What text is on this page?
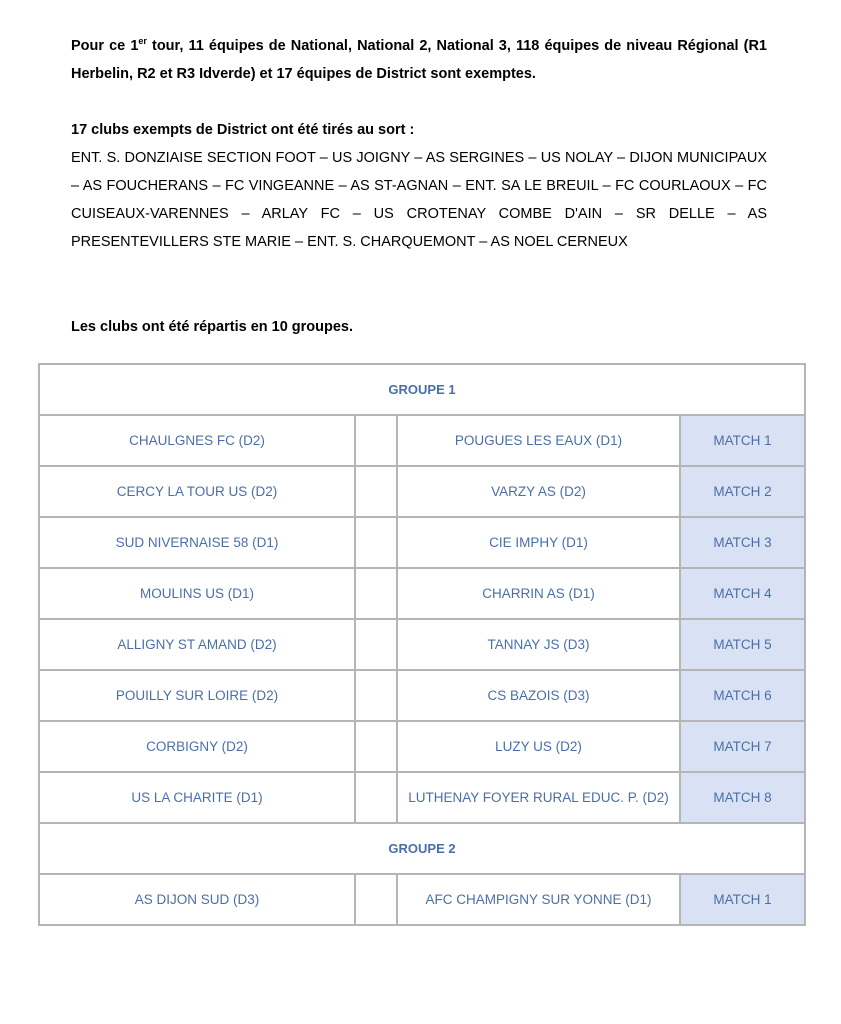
Pour ce 1er tour, 11 équipes de National, National 2, National 3, 118 équipes de niveau Régional (R1 Herbelin, R2 et R3 Idverde) et 17 équipes de District sont exemptes.
17 clubs exempts de District ont été tirés au sort :
ENT. S. DONZIAISE SECTION FOOT – US JOIGNY – AS SERGINES – US NOLAY – DIJON MUNICIPAUX – AS FOUCHERANS – FC VINGEANNE – AS ST-AGNAN – ENT. SA LE BREUIL – FC COURLAOUX – FC CUISEAUX-VARENNES – ARLAY FC – US CROTENAY COMBE D'AIN – SR DELLE – AS PRESENTEVILLERS STE MARIE – ENT. S. CHARQUEMONT – AS NOEL CERNEUX
Les clubs ont été répartis en 10 groupes.
GROUPE 1			
CHAULGNES FC (D2)		POUGUES LES EAUX (D1)	MATCH 1
CERCY LA TOUR US (D2)		VARZY AS (D2)	MATCH 2
SUD NIVERNAISE 58 (D1)		CIE IMPHY (D1)	MATCH 3
MOULINS US (D1)		CHARRIN AS (D1)	MATCH 4
ALLIGNY ST AMAND (D2)		TANNAY JS (D3)	MATCH 5
POUILLY SUR LOIRE (D2)		CS BAZOIS (D3)	MATCH 6
CORBIGNY (D2)		LUZY US (D2)	MATCH 7
US LA CHARITE (D1)		LUTHENAY FOYER RURAL EDUC. P. (D2)	MATCH 8
GROUPE 2			
AS DIJON SUD (D3)		AFC CHAMPIGNY SUR YONNE (D1)	MATCH 1
